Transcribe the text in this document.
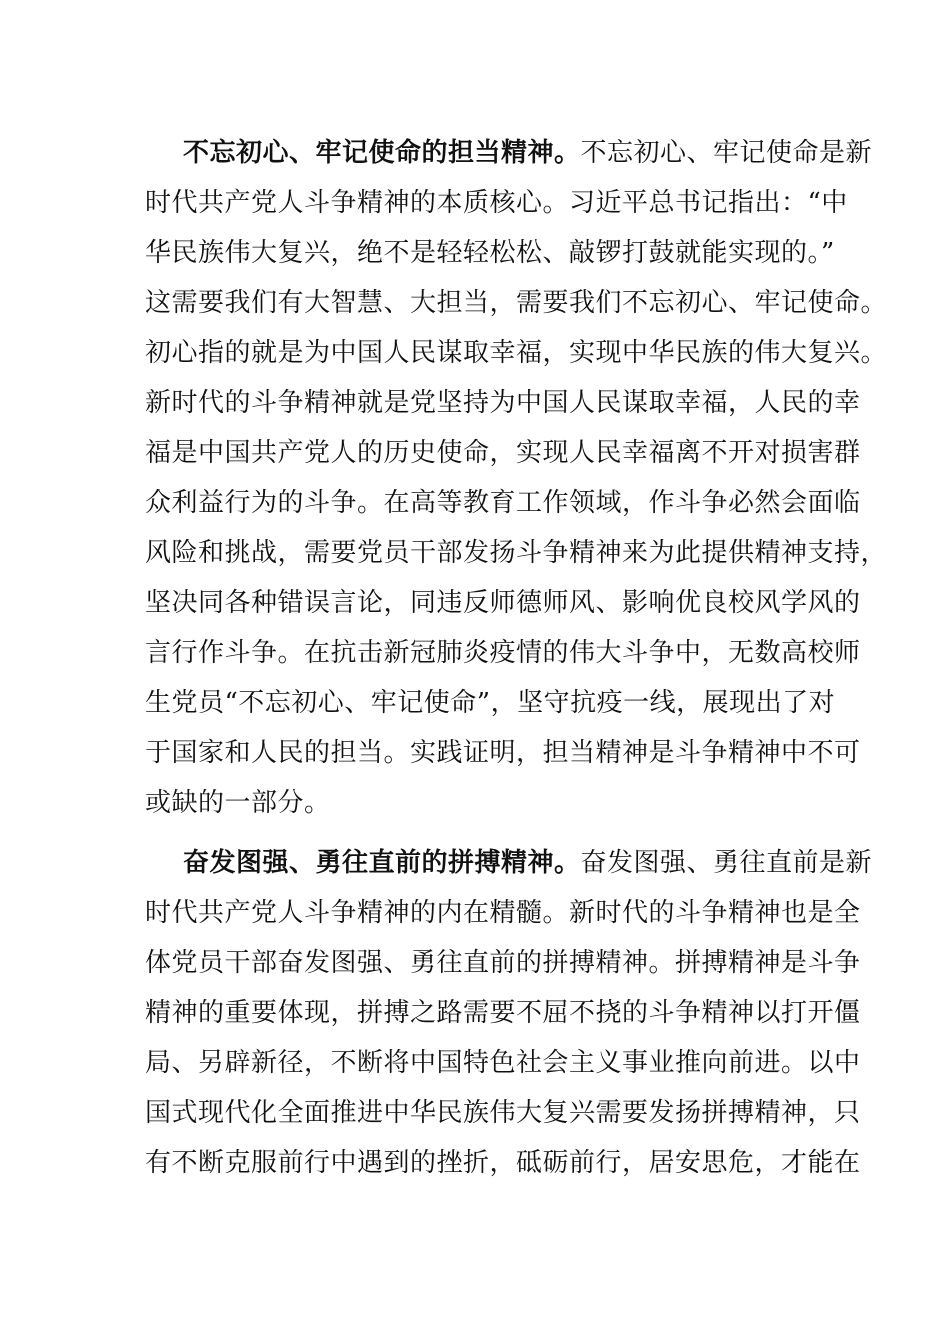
不忘初心、牢记使命的担当精神。不忘初心、牢记使命是新
时代共产党人斗争精神的本质核心。习近平总书记指出：“中
华民族伟大复兴，绝不是轻轻松松、敲锣打鼓就能实现的。”
这需要我们有大智慧、大担当，需要我们不忘初心、牢记使命。
初心指的就是为中国人民谋取幸福，实现中华民族的伟大复兴。
新时代的斗争精神就是党坚持为中国人民谋取幸福，人民的幸
福是中国共产党人的历史使命，实现人民幸福离不开对损害群
众利益行为的斗争。在高等教育工作领域，作斗争必然会面临
风险和挑战，需要党员干部发扬斗争精神来为此提供精神支持，
坚决同各种错误言论，同违反师德师风、影响优良校风学风的
言行作斗争。在抗击新冠肺炎疫情的伟大斗争中，无数高校师
生党员“不忘初心、牢记使命”，坚守抗疫一线，展现出了对
于国家和人民的担当。实践证明，担当精神是斗争精神中不可
或缺的一部分。
奋发图强、勇往直前的拼搏精神。奋发图强、勇往直前是新
时代共产党人斗争精神的内在精髓。新时代的斗争精神也是全
体党员干部奋发图强、勇往直前的拼搏精神。拼搏精神是斗争
精神的重要体现，拼搏之路需要不屈不挠的斗争精神以打开僵
局、另辟新径，不断将中国特色社会主义事业推向前进。以中
国式现代化全面推进中华民族伟大复兴需要发扬拼搏精神，只
有不断克服前行中遇到的挫折，砥砺前行，居安思危，才能在
